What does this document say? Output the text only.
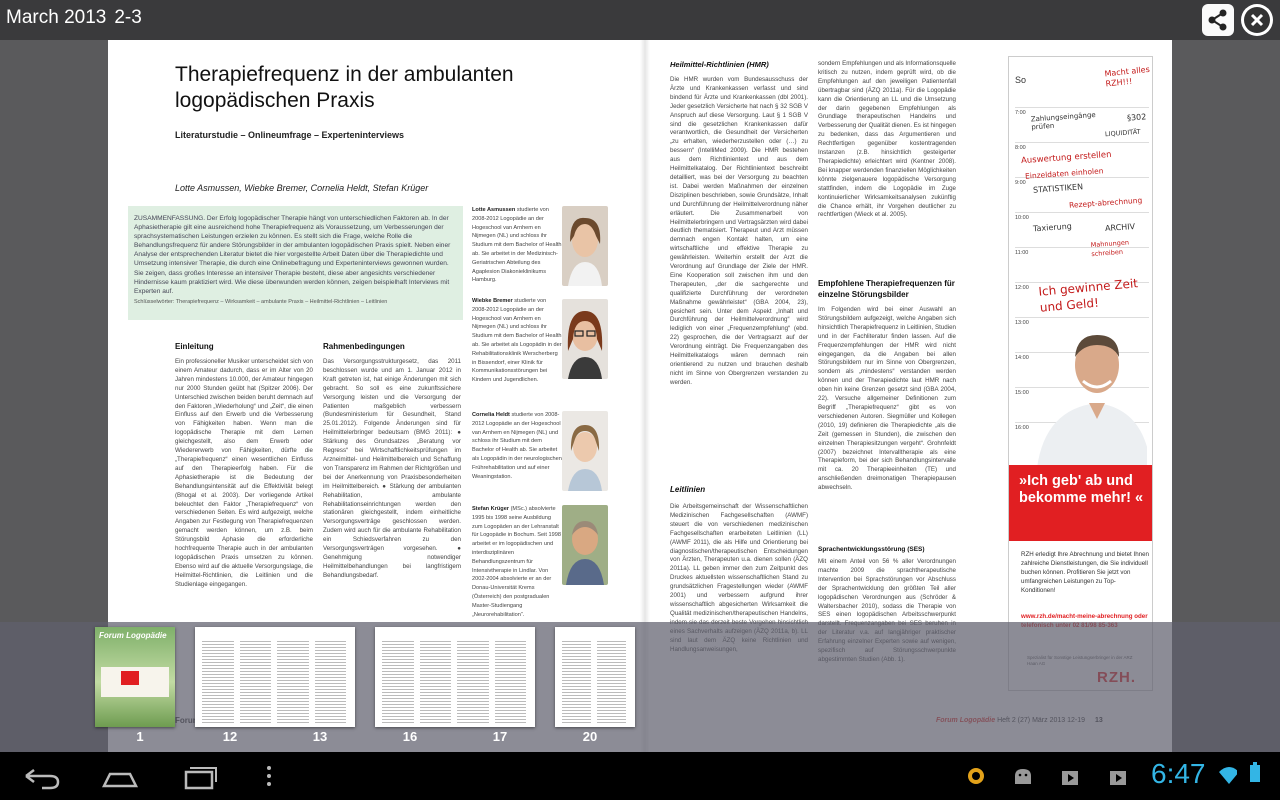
March 2013 2-3
Therapiefrequenz in der ambulanten
logopädischen Praxis
Literaturstudie – Onlineumfrage – Experteninterviews
Lotte Asmussen, Wiebke Bremer, Cornelia Heldt, Stefan Krüger
ZUSAMMENFASSUNG. Der Erfolg logopädischer Therapie hängt von unterschiedlichen Faktoren ab. In der Aphasietherapie gilt eine ausreichend hohe Therapiefrequenz als Voraussetzung, um Verbesserungen der sprachsystematischen Leistungen erzielen zu können. Es stellt sich die Frage, welche Rolle die Behandlungsfrequenz für andere Störungsbilder in der ambulanten logopädischen Praxis spielt. Neben einer Analyse der entsprechenden Literatur bietet die hier vorgestellte Arbeit Daten über die Therapiedichte und Umsetzung intensiver Therapie, die durch eine Onlinebefragung und Experteninterviews gewonnen wurden. Sie zeigen, dass großes Interesse an intensiver Therapie besteht, diese aber angesichts verschiedener Hindernisse kaum praktiziert wird. Wie diese überwunden werden können, zeigen beispielhaft Interviews mit Experten auf.
Schlüsselwörter: Therapiefrequenz – Wirksamkeit – ambulante Praxis – Heilmittel-Richtlinien – Leitlinien
Einleitung
Ein professioneller Musiker unterscheidet sich von einem Amateur dadurch, dass er im Alter von 20 Jahren mindestens 10.000, der Amateur hingegen nur 2000 Stunden geübt hat (Spitzer 2006). Der Unterschied zwischen beiden beruht demnach auf den Faktoren „Wiederholung“ und „Zeit“, die einen Einfluss auf den Erwerb und die Verbesserung von Fähigkeiten haben. Wenn man die logopädische Therapie mit dem Lernen gleichgestellt, also dem Erwerb oder Wiedererwerb von Fähigkeiten, dürfte die „Therapiefrequenz“ einen wesentlichen Einfluss auf den Therapieerfolg haben. Für die Aphasietherapie ist die Bedeutung der Behandlungsintensität auf die Effektivität belegt (Bhogal et al. 2003). Der vorliegende Artikel beleuchtet den Faktor „Therapiefrequenz“ von verschiedenen Seiten. Es wird aufgezeigt, welche Angaben zur Festlegung von Therapiefrequenzen gemacht werden können, um z.B. beim Störungsbild Aphasie die erforderliche hochfrequente Therapie auch in der ambulanten logopädischen Praxis umsetzen zu können. Ebenso wird auf die aktuelle Versorgungslage, die Heilmittel-Richtlinien, die Leitlinien und die Studienlage eingegangen.
Rahmenbedingungen
Das Versorgungsstrukturgesetz, das 2011 beschlossen wurde und am 1. Januar 2012 in Kraft getreten ist, hat einige Änderungen mit sich gebracht. So soll es eine zukunftssichere Versorgung leisten und die Versorgung der Patienten maßgeblich verbessern (Bundesministerium für Gesundheit, Stand 25.01.2012). Folgende Änderungen sind für Heilmittelerbringer bedeutsam (BMG 2011): ● Stärkung des Grundsatzes „Beratung vor Regress“ bei Wirtschaftlichkeitsprüfungen im Arzneimittel- und Heilmittelbereich und Schaffung von Transparenz im Rahmen der Richtgrößen und bei der Anerkennung von Praxisbesonderheiten im Heilmittelbereich. ● Stärkung der ambulanten Rehabilitation, ambulante Rehabilitationseinrichtungen werden den stationären gleichgestellt, indem einheitliche Versorgungsverträge geschlossen werden. Zudem wird auch für die ambulante Rehabilitation ein Schiedsverfahren zu den Versorgungsverträgen vorgesehen. ● Genehmigung notwendiger Heilmittelbehandlungen bei langfristigem Behandlungsbedarf.
Lotte Asmussen studierte von 2008-2012 Logopädie an der Hogeschool van Arnhem en Nijmegen (NL) und schloss ihr Studium mit dem Bachelor of Health ab. Sie arbeitet in der Medizinisch-Geriatrischen Abteilung des Agaplesion Diakonieklinikums Hamburg.
Wiebke Bremer studierte von 2008-2012 Logopädie an der Hogeschool van Arnhem en Nijmegen (NL) und schloss ihr Studium mit dem Bachelor of Health ab. Sie arbeitet als Logopädin in der Rehabilitationsklinik Werscherberg in Bissendorf, einer Klinik für Kommunikationsstörungen bei Kindern und Jugendlichen.
Cornelia Heldt studierte von 2008-2012 Logopädie an der Hogeschool van Arnhem en Nijmegen (NL) und schloss ihr Studium mit dem Bachelor of Health ab. Sie arbeitet als Logopädin in der neurologischen Frührehabilitation und auf einer Weaningstation.
Stefan Krüger (MSc.) absolvierte 1995 bis 1998 seine Ausbildung zum Logopäden an der Lehranstalt für Logopädie in Bochum. Seit 1998 arbeitet er im logopädischen und interdisziplinären Behandlungszentrum für Intensivtherapie in Lindlar. Von 2002-2004 absolvierte er an der Donau-Universität Krems (Österreich) den postgradualen Master-Studiengang „Neurorehabilitation“.
Heilmittel-Richtlinien (HMR)
Die HMR wurden vom Bundesausschuss der Ärzte und Krankenkassen verfasst und sind bindend für Ärzte und Krankenkassen (dbl 2001). Jeder gesetzlich Versicherte hat nach § 32 SGB V Anspruch auf diese Versorgung. Laut § 1 SGB V sind die gesetzlichen Krankenkassen dafür verantwortlich, die Gesundheit der Versicherten „zu erhalten, wiederherzustellen oder (…) zu bessern“ (IntelliMed 2009). Die HMR bestehen aus dem Richtlinientext und aus dem Heilmittelkatalog. Der Richtlinientext beschreibt detailliert, was bei der Versorgung zu beachten ist. Dabei werden Maßnahmen der einzelnen Disziplinen beschrieben, sowie Grundsätze, Inhalt und Durchführung der Heilmittelverordnung näher erläutert. Die Zusammenarbeit von Heilmittelerbringern und Vertragsärzten wird dabei deutlich thematisiert. Therapeut und Arzt müssen demnach engen Kontakt halten, um eine wirtschaftliche und effektive Therapie zu gewährleisten. Weiterhin erstellt der Arzt die Verordnung auf Grundlage der Ziele der HMR. Eine Kooperation soll zwischen ihm und den Therapeuten, „der die sachgerechte und qualifizierte Durchführung der verordneten Maßnahme gewährleistet“ (GBA 2004, 23), gesichert sein. Unter dem Aspekt „Inhalt und Durchführung der Heilmittelverordnung“ wird lediglich von einer „Frequenzempfehlung“ (ebd. 22) gesprochen, die der Vertragsarzt auf der Verordnung einträgt. Die Frequenzangaben des Heilmittelkatalogs wären demnach rein orientierend zu nutzen und brauchen deshalb nicht im Sinne von Obergrenzen verstanden zu werden.
Leitlinien
Die Arbeitsgemeinschaft der Wissenschaftlichen Medizinischen Fachgesellschaften (AWMF) steuert die von verschiedenen medizinischen Fachgesellschaften erarbeiteten Leitlinien (LL) (AWMF 2011), die als Hilfe und Orientierung bei diagnostischen/therapeutischen Entscheidungen von Ärzten, Therapeuten u.a. dienen sollen (ÄZQ 2011a). LL geben immer den zum Zeitpunkt des Druckes aktuellsten wissenschaftlichen Stand zu grundsätzlichen Fragestellungen wieder (AWMF 2001) und verbessern aufgrund ihrer wissenschaftlich abgesicherten Wirksamkeit die Qualität medizinischen/therapeutischen Handelns,
sondern Empfehlungen und als Informationsquelle kritisch zu nutzen, indem geprüft wird, ob die Empfehlungen auf den jeweiligen Patientenfall übertragbar sind (ÄZQ 2011a). Für die Logopädie kann die Orientierung an LL und die Umsetzung der darin gegebenen Empfehlungen als Grundlage therapeutischen Handelns und Verbesserung der Qualität dienen. Es ist hingegen zu bedenken, dass das Argumentieren und Rechtfertigen gegenüber kostentragenden Instanzen (z.B. hinsichtlich gesteigerter Therapiedichte) erleichtert wird (Kentner 2008). Bei knapper werdenden finanziellen Möglichkeiten könnte zielgenauere logopädische Versorgung stattfinden, indem die Logopädie im Zuge kontinuierlicher Wirksamkeitsanalysen zukünftig die Chance erhält, ihr Vorgehen deutlicher zu rechtfertigen (Wieck et al. 2005).
Empfohlene Therapiefrequenzen für einzelne Störungsbilder
Im Folgenden wird bei einer Auswahl an Störungsbildern aufgezeigt, welche Angaben sich hinsichtlich Therapiefrequenz in Leitlinien, Studien und in der Fachliteratur finden lassen. Auf die Frequenzempfehlungen der HMR wird nicht eingegangen, da die Angaben bei allen Störungsbildern nur im Sinne von Obergrenzen, sondern als „mindestens“ verstanden werden können und der Therapiedichte laut HMR nach oben hin keine Grenzen gesetzt sind (GBA 2004, 22). Versuche allgemeiner Definitionen zum Begriff „Therapiefrequenz“ gibt es von verschiedenen Autoren. Siegmüller und Kollegen (2010, 19) definieren die Therapiedichte „als die Zeit (gemessen in Stunden), die zwischen den einzelnen Therapiesitzungen vergeht“. Grohnfeldt (2007) bezeichnet Intervalltherapie als eine Therapieform, bei der sich Behandlungsintervalle mit ca. 20 Therapieeinheiten (TE) und anschließenden dreimonatigen Therapiepausen abwechseln.
Sprachentwicklungsstörung (SES)
Mit einem Anteil von 56 % aller Verordnungen machte 2009 die sprachtherapeutische Intervention bei Sprachstörungen vor Abschluss der Sprachentwicklung den größten Teil aller logopädischen Verordnungen aus (Schröder & Waltersbacher 2010), sodass die Therapie von SES einen logopädischen Arbeitsschwerpunkt
So
7:00
8:00
9:00
10:00
11:00
12:00
13:00
14:00
15:00
16:00
Macht alles RZH!!!
Zahlungseingänge prüfen
§302
LIQUIDITÄT
Auswertung erstellen
Einzeldaten einholen
STATISTIKEN
Rezept-abrechnung
Taxierung	ARCHIV
Mahnungen schreiben
Ich gewinne Zeit und Geld!
»Ich geb' ab und bekomme mehr! «
RZH erledigt Ihre Abrechnung und bietet Ihnen zahlreiche Dienstleistungen, die Sie individuell buchen können. Profitieren Sie jetzt von umfangreichen Leistungen zu Top-Konditionen!
www.rzh.de/macht-meine-abrechnung oder
Forum Logopädie
1	12	13	16	17	20
6:47
